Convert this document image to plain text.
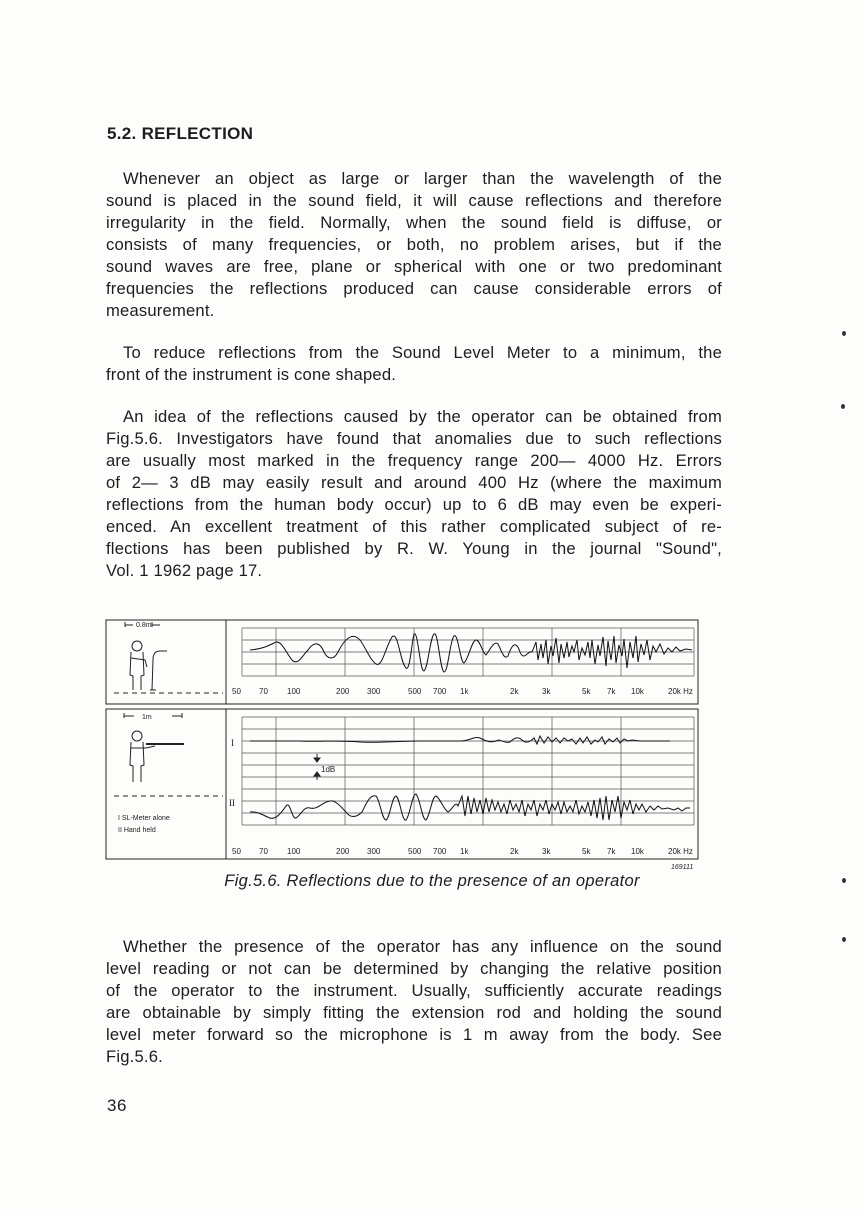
5.2. REFLECTION
Whenever an object as large or larger than the wavelength of the
sound is placed in the sound field, it will cause reflections and therefore
irregularity in the field. Normally, when the sound field is diffuse, or
consists of many frequencies, or both, no problem arises, but if the
sound waves are free, plane or spherical with one or two predominant
frequencies the reflections produced can cause considerable errors of
measurement.
To reduce reflections from the Sound Level Meter to a minimum, the
front of the instrument is cone shaped.
An idea of the reflections caused by the operator can be obtained from
Fig.5.6. Investigators have found that anomalies due to such reflections
are usually most marked in the frequency range 200— 4000 Hz. Errors
of 2— 3 dB may easily result and around 400 Hz (where the maximum
reflections from the human body occur) up to 6 dB may even be experi-
enced. An excellent treatment of this rather complicated subject of re-
flections has been published by R. W. Young in the journal "Sound",
Vol. 1 1962 page 17.
0.8m
50 70 100	200 300	500 700 1k	2k	3k	5k 7k 10k	20k Hz
1m
I SL-Meter alone
II Hand held
I
II
1dB
50 70 100	200 300	500 700 1k	2k	3k	5k 7k 10k	20k Hz
169111
Fig.5.6. Reflections due to the presence of an operator
Whether the presence of the operator has any influence on the sound
level reading or not can be determined by changing the relative position
of the operator to the instrument. Usually, sufficiently accurate readings
are obtainable by simply fitting the extension rod and holding the sound
level meter forward so the microphone is 1 m away from the body. See
Fig.5.6.
36
